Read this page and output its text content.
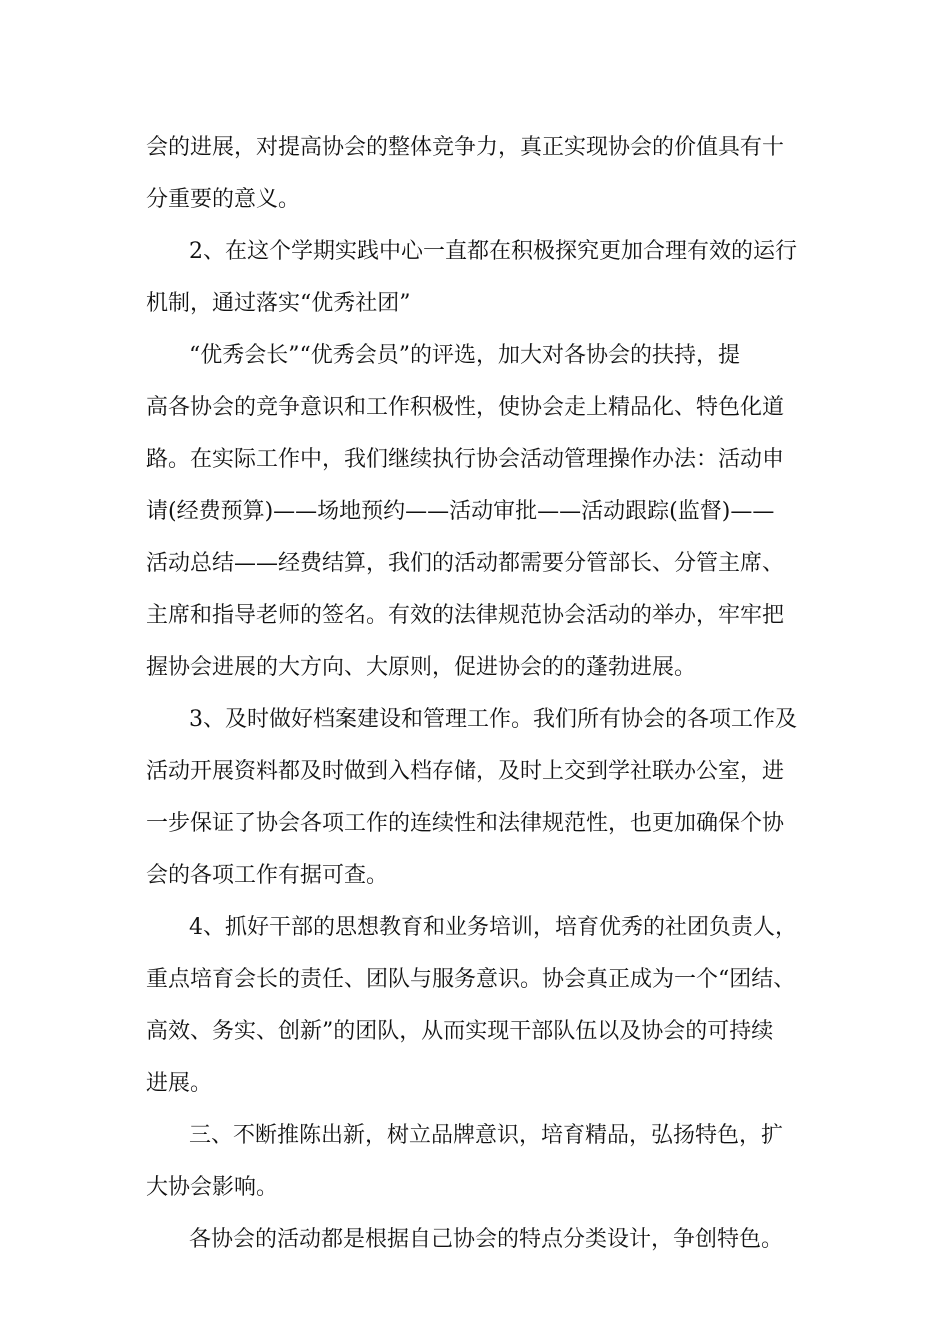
会的进展，对提高协会的整体竞争力，真正实现协会的价值具有十
分重要的意义。
2、在这个学期实践中心一直都在积极探究更加合理有效的运行
机制，通过落实“优秀社团”
“优秀会长”“优秀会员”的评选，加大对各协会的扶持，提
高各协会的竞争意识和工作积极性，使协会走上精品化、特色化道
路。在实际工作中，我们继续执行协会活动管理操作办法：活动申
请(经费预算)——场地预约——活动审批——活动跟踪(监督)——
活动总结——经费结算，我们的活动都需要分管部长、分管主席、
主席和指导老师的签名。有效的法律规范协会活动的举办，牢牢把
握协会进展的大方向、大原则，促进协会的的蓬勃进展。
3、及时做好档案建设和管理工作。我们所有协会的各项工作及
活动开展资料都及时做到入档存储，及时上交到学社联办公室，进
一步保证了协会各项工作的连续性和法律规范性，也更加确保个协
会的各项工作有据可查。
4、抓好干部的思想教育和业务培训，培育优秀的社团负责人，
重点培育会长的责任、团队与服务意识。协会真正成为一个“团结、
高效、务实、创新”的团队，从而实现干部队伍以及协会的可持续
进展。
三、不断推陈出新，树立品牌意识，培育精品，弘扬特色，扩
大协会影响。
各协会的活动都是根据自己协会的特点分类设计，争创特色。
